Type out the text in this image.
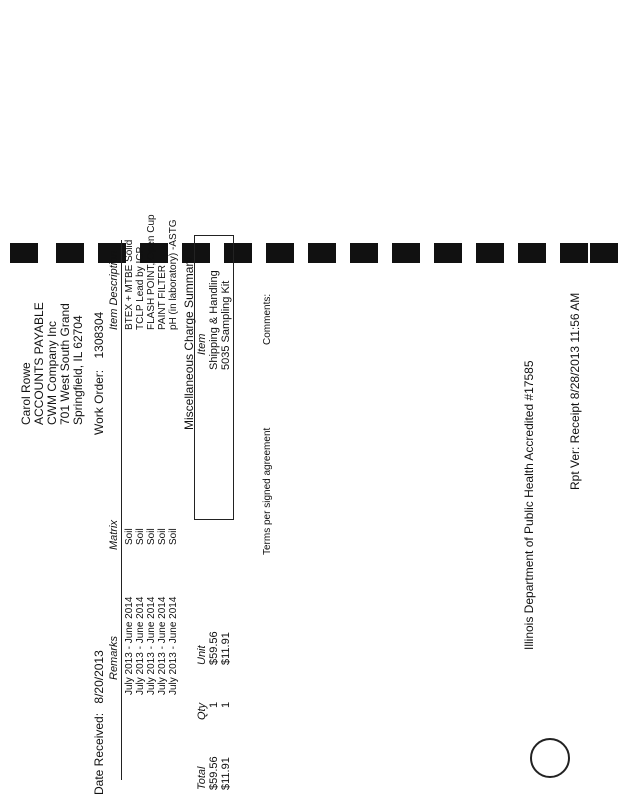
Carol Rowe ACCOUNTS PAYABLE CWM Company Inc 701 West South Grand Springfield, IL 62704 Work Order: 1308304
Date Received: 8/20/2013
Item Description
Matrix
Remarks
BTEX + MTBE Solid
Soil
July 2013 - June 2014
TCLP Lead by ICP
Soil
July 2013 - June 2014
FLASH POINT, Open Cup
Soil
July 2013 - June 2014
PAINT FILTER
Soil
July 2013 - June 2014
pH (in laboratory) -ASTG
Soil
July 2013 - June 2014
Miscellaneous Charge Summary Item
Unit
Qty
Total
Shipping & Handling
$59.56
1
$59.56
5035 Sampling Kit
$11.91
1
$11.91
Comments:
Terms per signed agreement	Illinois Department of Public Health Accredited #17585	Rpt Ver: Receipt 8/28/2013 11:56 AM
